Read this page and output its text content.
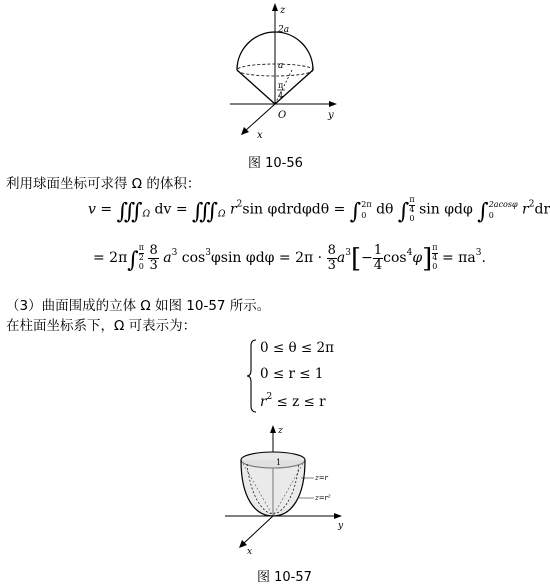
z
y
x
O
2a
a
π
4
图 10-56
利用球面坐标可求得 Ω 的体积：
$v = ∭_\Omega$ dv = $∭_\Omega$ $r^2\sin$ φdrdφdθ = ∫ 2π
0 dθ ∫
π
4
0
sin φdφ ∫ 2acosφ
0	$r^2dr$
= 2π∫
π
2
0
$\frac{8}{3} a^3$ $\cos^3\varphi\sin$ $\varphi d\varphi = 2\pi \cdot \frac{8}{3} a^3[- \frac{1}{4} \cos^4\varphi]$ π
4
0
= $\pi a^3$.
（3）曲面围成的立体 Ω 如图 10-57 所示。
在柱面坐标系下，Ω 可表示为：
0 ≤ θ ≤ 2π
0 ≤ r ≤ 1
$r^2 \le z \le r$
z
y
x
1
z=r
z=r²
图 10-57
